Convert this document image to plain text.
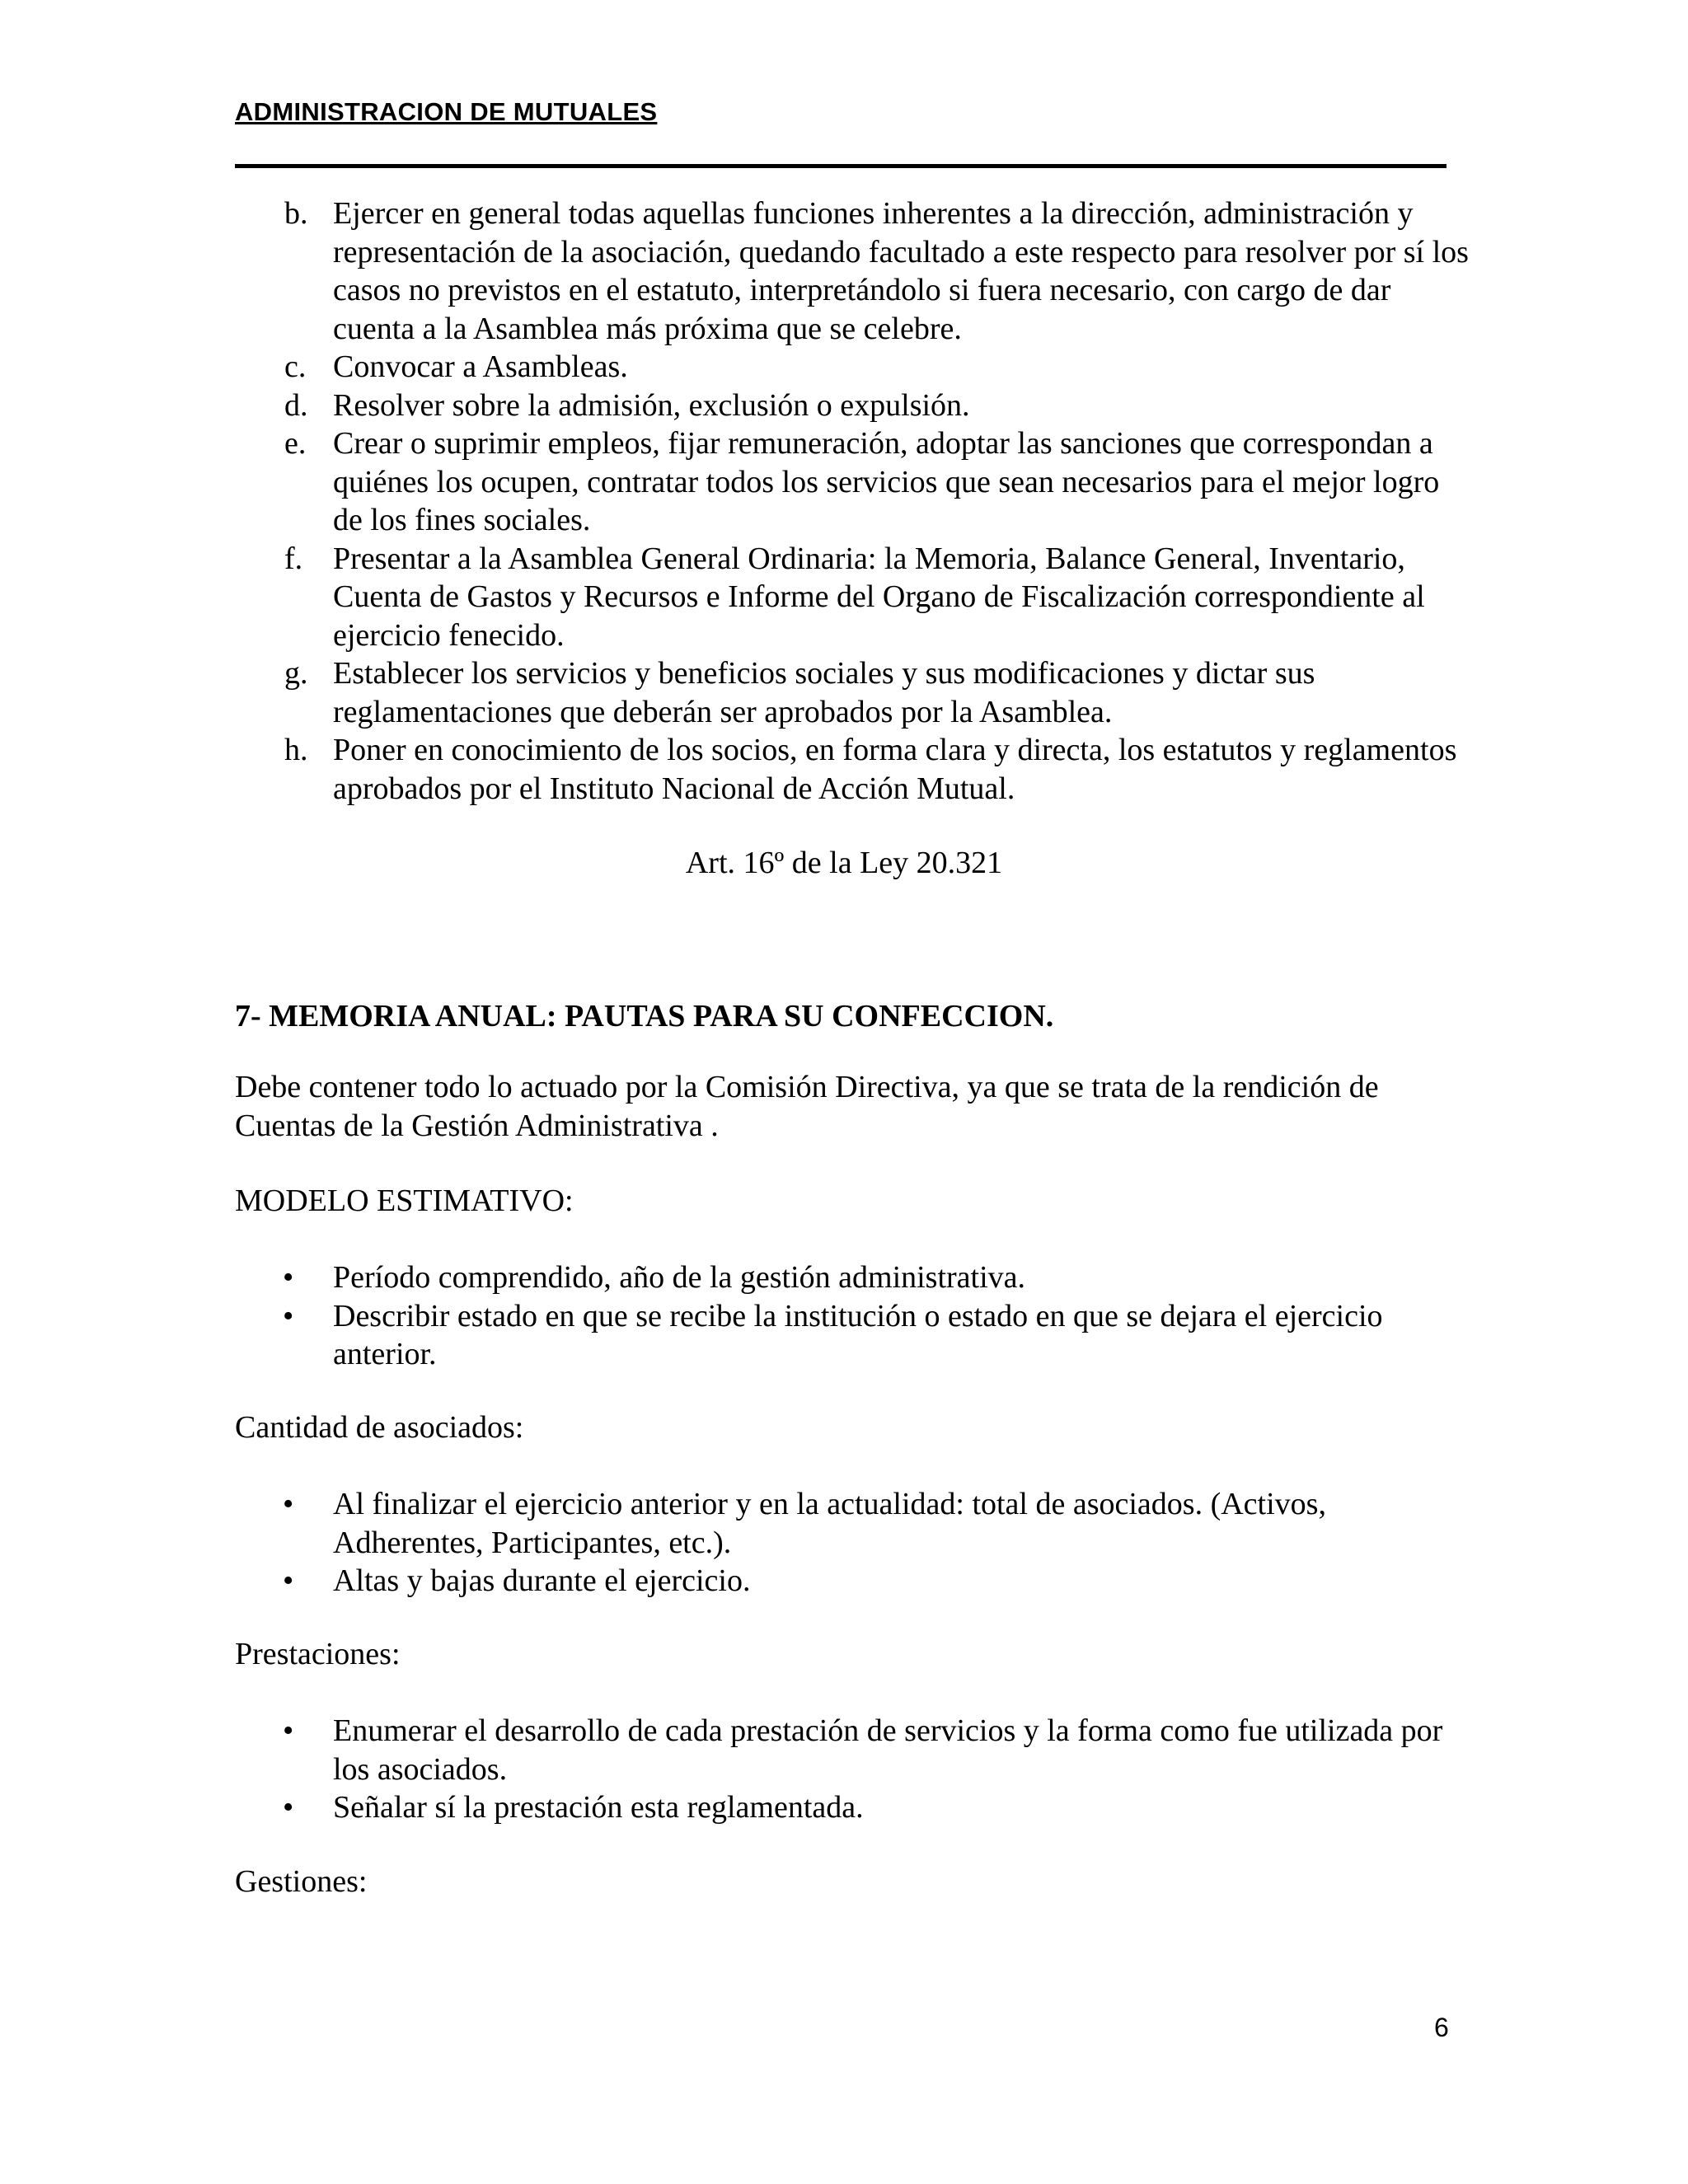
ADMINISTRACION DE MUTUALES
b. Ejercer en general todas aquellas funciones inherentes a la dirección, administración y representación de la asociación, quedando facultado a este respecto para resolver por sí los casos no previstos en el estatuto, interpretándolo si fuera necesario, con cargo de dar cuenta a la Asamblea más próxima que se celebre.
c. Convocar a Asambleas.
d. Resolver sobre la admisión, exclusión o expulsión.
e. Crear o suprimir empleos, fijar remuneración, adoptar las sanciones que correspondan a quiénes los ocupen, contratar todos los servicios que sean necesarios para el mejor logro de los fines sociales.
f. Presentar a la Asamblea General Ordinaria: la Memoria, Balance General, Inventario, Cuenta de Gastos y Recursos e Informe del Organo de Fiscalización correspondiente al ejercicio fenecido.
g. Establecer los servicios y beneficios sociales y sus modificaciones y dictar sus reglamentaciones que deberán ser aprobados por la Asamblea.
h. Poner en conocimiento de los socios, en forma clara y directa, los estatutos y reglamentos aprobados por el Instituto Nacional de Acción Mutual.
Art. 16º de la Ley 20.321
7- MEMORIA ANUAL: PAUTAS PARA SU CONFECCION.
Debe contener todo lo actuado por la Comisión Directiva, ya que se trata de la rendición de Cuentas de la Gestión Administrativa .
MODELO ESTIMATIVO:
•	Período comprendido, año de la gestión administrativa.
•	Describir estado en que se recibe la institución o estado en que se dejara el ejercicio anterior.
Cantidad de asociados:
•	Al finalizar el ejercicio anterior y en la actualidad: total de asociados. (Activos, Adherentes, Participantes, etc.).
•	Altas y bajas durante el ejercicio.
Prestaciones:
•	Enumerar el desarrollo de cada prestación de servicios y la forma como fue utilizada por los asociados.
•	Señalar sí la prestación esta reglamentada.
Gestiones:
6
